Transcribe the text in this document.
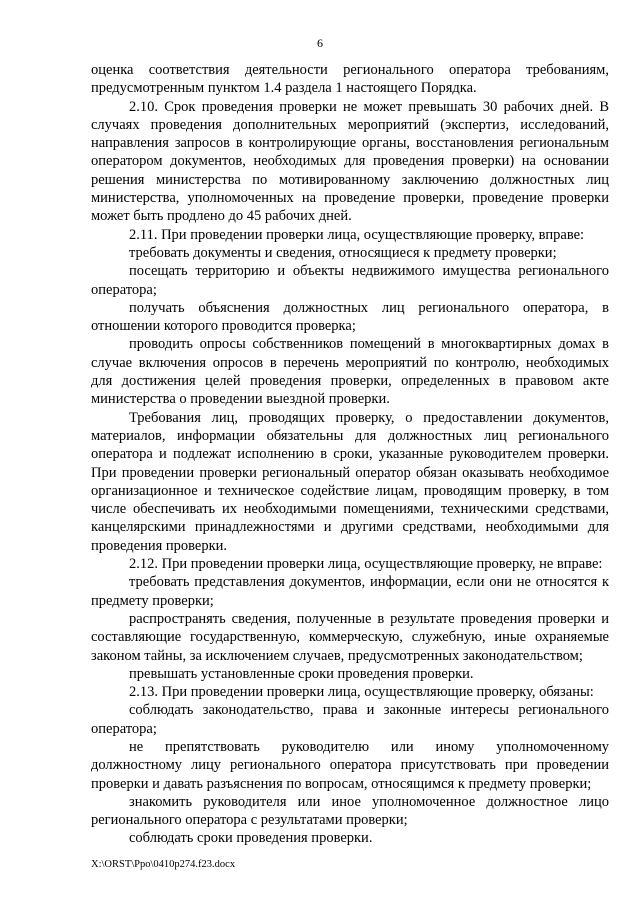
6

оценка соответствия деятельности регионального оператора требованиям, предусмотренным пунктом 1.4 раздела 1 настоящего Порядка.

2.10. Срок проведения проверки не может превышать 30 рабочих дней. В случаях проведения дополнительных мероприятий (экспертиз, исследований, направления запросов в контролирующие органы, восстановления региональным оператором документов, необходимых для проведения проверки) на основании решения министерства по мотивированному заключению должностных лиц министерства, уполномоченных на проведение проверки, проведение проверки может быть продлено до 45 рабочих дней.

2.11. При проведении проверки лица, осуществляющие проверку, вправе:

требовать документы и сведения, относящиеся к предмету проверки;

посещать территорию и объекты недвижимого имущества регионального оператора;

получать объяснения должностных лиц регионального оператора, в отношении которого проводится проверка;

проводить опросы собственников помещений в многоквартирных домах в случае включения опросов в перечень мероприятий по контролю, необходимых для достижения целей проведения проверки, определенных в правовом акте министерства о проведении выездной проверки.

Требования лиц, проводящих проверку, о предоставлении документов, материалов, информации обязательны для должностных лиц регионального оператора и подлежат исполнению в сроки, указанные руководителем проверки. При проведении проверки региональный оператор обязан оказывать необходимое организационное и техническое содействие лицам, проводящим проверку, в том числе обеспечивать их необходимыми помещениями, техническими средствами, канцелярскими принадлежностями и другими средствами, необходимыми для проведения проверки.

2.12. При проведении проверки лица, осуществляющие проверку, не вправе:

требовать представления документов, информации, если они не относятся к предмету проверки;

распространять сведения, полученные в результате проведения проверки и составляющие государственную, коммерческую, служебную, иные охраняемые законом тайны, за исключением случаев, предусмотренных законодательством;

превышать установленные сроки проведения проверки.

2.13. При проведении проверки лица, осуществляющие проверку, обязаны:

соблюдать законодательство, права и законные интересы регионального оператора;

не препятствовать руководителю или иному уполномоченному должностному лицу регионального оператора присутствовать при проведении проверки и давать разъяснения по вопросам, относящимся к предмету проверки;

знакомить руководителя или иное уполномоченное должностное лицо регионального оператора с результатами проверки;

соблюдать сроки проведения проверки.

X:\ORST\Ppo\0410p274.f23.docx
